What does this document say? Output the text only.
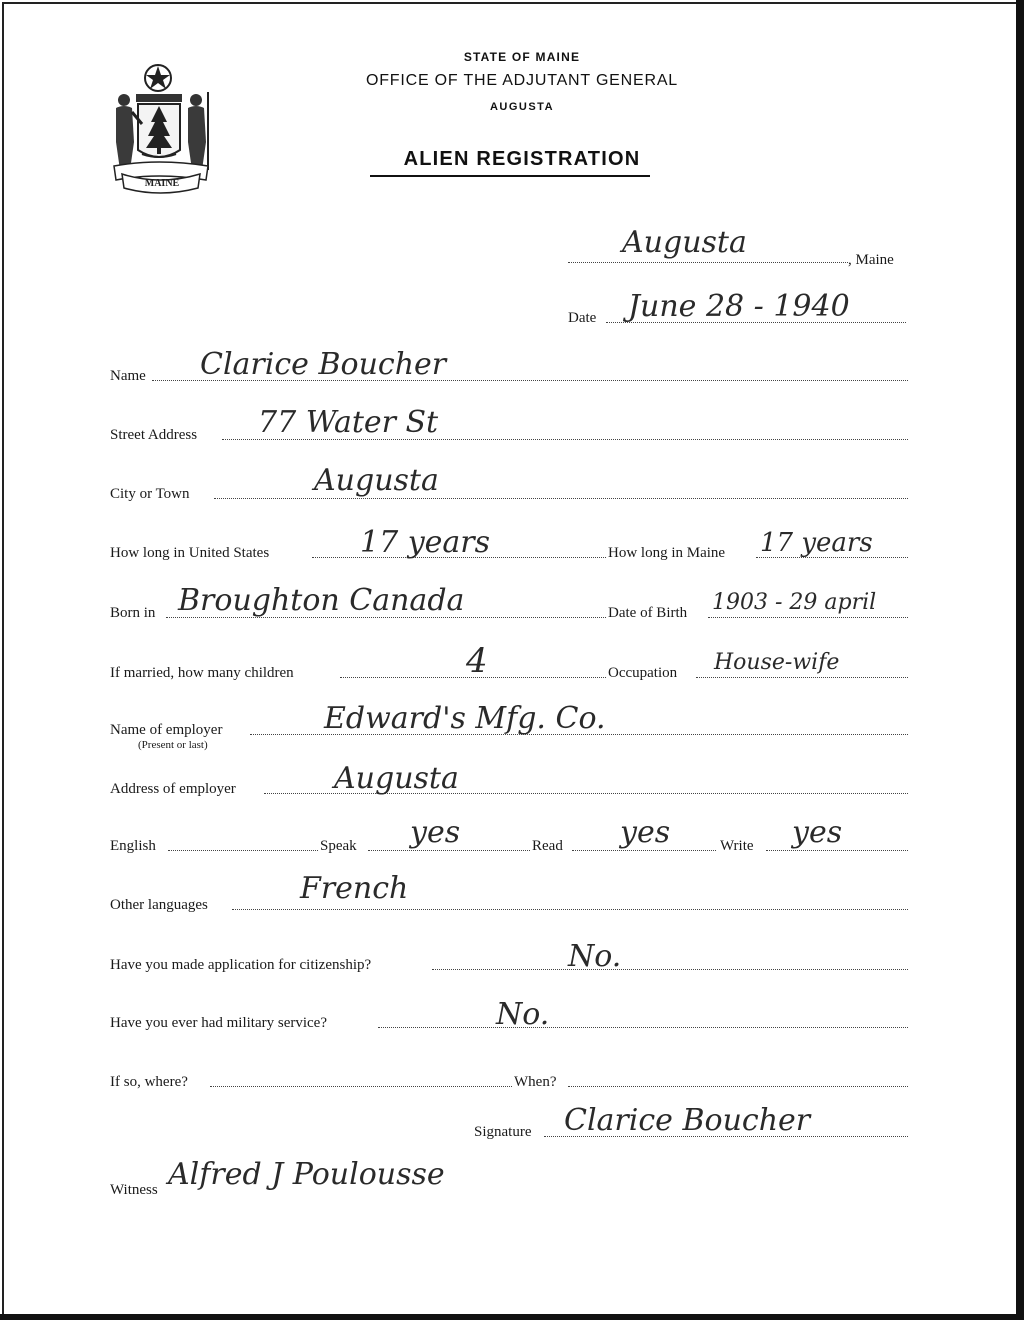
MAINE
STATE OF MAINE
OFFICE OF THE ADJUTANT GENERAL
AUGUSTA
ALIEN REGISTRATION
Augusta	, Maine
Date June 28 - 1940
Name Clarice Boucher
Street Address 77 Water St
City or Town	Augusta
How long in United States	17 years	How long in Maine 17 years
Born in Broughton Canada	Date of Birth 1903 - 29 april
If married, how many children	4	Occupation House-wife
Name of employer
(Present or last)
Edward's Mfg. Co.
Address of employer	Augusta
English	Speak yes	Read yes	Write yes
Other languages	French
Have you made application for citizenship?	No.
Have you ever had military service?	No.
If so, where?	When?
Signature Clarice Boucher
Witness Alfred J Poulousse
